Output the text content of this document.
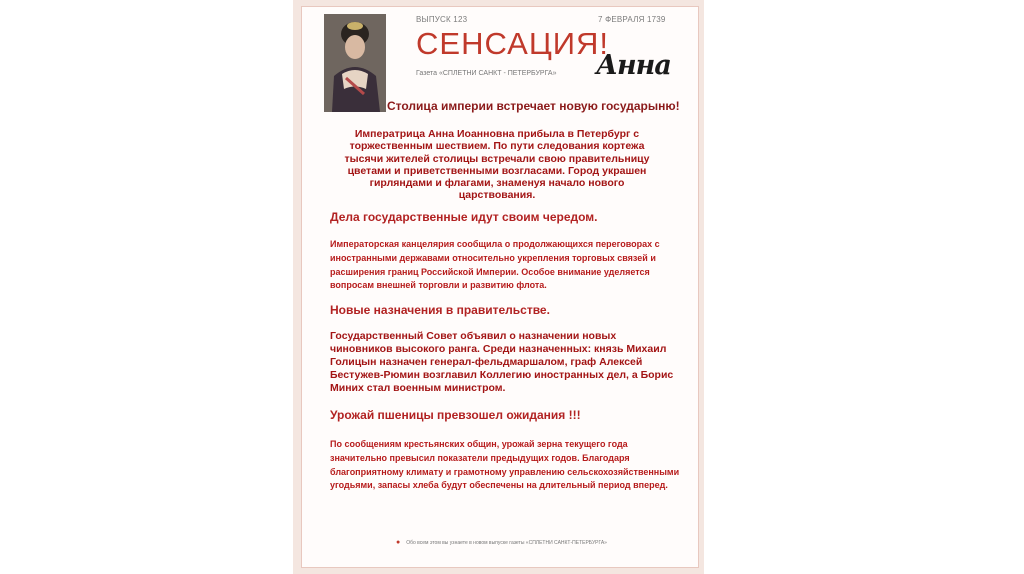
ВЫПУСК 123	7 ФЕВРАЛЯ 1739
СЕНСАЦИЯ!
Газета «СПЛЕТНИ САНКТ - ПЕТЕРБУРГА» Анна
Столица империи встречает новую государыню!
Императрица Анна Иоанновна прибыла в Петербург с торжественным шествием. По пути следования кортежа тысячи жителей столицы встречали свою правительницу цветами и приветственными возгласами. Город украшен гирляндами и флагами, знаменуя начало нового царствования.
Дела государственные идут своим чередом.
Императорская канцелярия сообщила о продолжающихся переговорах с иностранными державами относительно укрепления торговых связей и расширения границ Российской Империи. Особое внимание уделяется вопросам внешней торговли и развитию флота.
Новые назначения в правительстве.
Государственный Совет объявил о назначении новых чиновников высокого ранга. Среди назначенных: князь Михаил Голицын назначен генерал-фельдмаршалом, граф Алексей Бестужев-Рюмин возглавил Коллегию иностранных дел, а Борис Миних стал военным министром.
Урожай пшеницы превзошел ожидания !!!
По сообщениям крестьянских общин, урожай зерна текущего года значительно превысил показатели предыдущих годов. Благодаря благоприятному климату и грамотному управлению сельскохозяйственными угодьями, запасы хлеба будут обеспечены на длительный период вперед.
● Обо всем этом вы узнаете в новом выпуске газеты «СПЛЕТНИ САНКТ-ПЕТЕРБУРГА»
